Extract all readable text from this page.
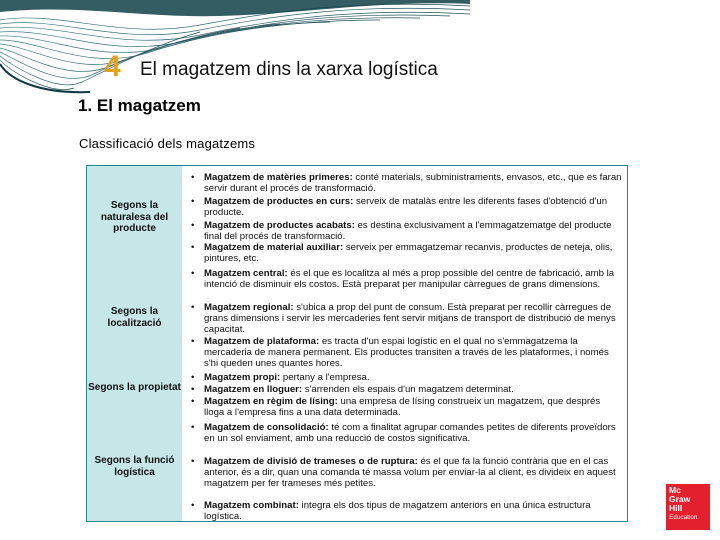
4 El magatzem dins la xarxa logística
1. El magatzem
Classificació dels magatzems
Segons la naturalesa del producte
Segons la localització
Segons la propietat
Segons la funció logística
• Magatzem de matèries primeres: conté materials, subministraments, envasos, etc., que es faran servir durant el procés de transformació.
• Magatzem de productes en curs: serveix de matalàs entre les diferents fases d'obtenció d'un producte.
• Magatzem de productes acabats: es destina exclusivament a l'emmagatzematge del producte final del procés de transformació.
• Magatzem de material auxiliar: serveix per emmagatzemar recanvis, productes de neteja, olis, pintures, etc.
• Magatzem central: és el que es localitza al més a prop possible del centre de fabricació, amb la intenció de disminuir els costos. Està preparat per manipular càrregues de grans dimensions.
• Magatzem regional: s'ubica a prop del punt de consum. Està preparat per recollir càrregues de grans dimensions i servir les mercaderies fent servir mitjans de transport de distribució de menys capacitat.
• Magatzem de plataforma: es tracta d'un espai logístic en el qual no s'emmagatzema la mercaderia de manera permanent. Els productes transiten a través de les plataformes, i només s'hi queden unes quantes hores.
• Magatzem propi: pertany a l'empresa.
• Magatzem en lloguer: s'arrenden els espais d'un magatzem determinat.
• Magatzem en règim de lísing: una empresa de lísing construeix un magatzem, que després lloga a l'empresa fins a una data determinada.
• Magatzem de consolidació: té com a finalitat agrupar comandes petites de diferents proveïdors en un sol enviament, amb una reducció de costos significativa.
• Magatzem de divisió de trameses o de ruptura: és el que fa la funció contrària que en el cas anterior, és a dir, quan una comanda té massa volum per enviar-la al client, es divideix en aquest magatzem per fer trameses més petites.
• Magatzem combinat: integra els dos tipus de magatzem anteriors en una única estructura logística.
Mc
Graw
Hill
Education
